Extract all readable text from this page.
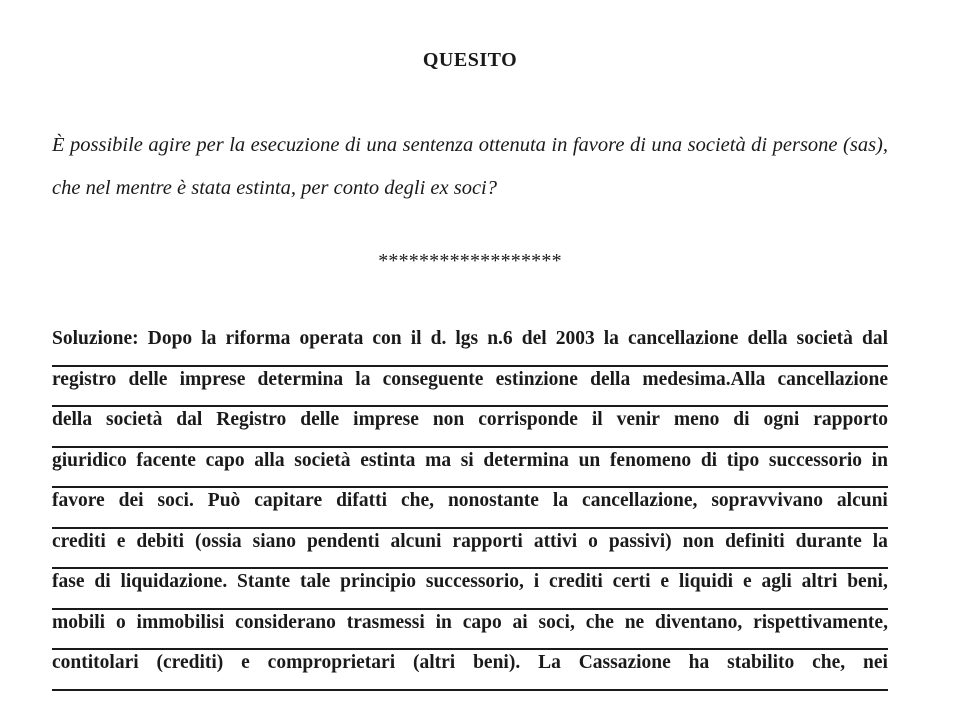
QUESITO
È possibile agire per la esecuzione di una sentenza ottenuta in favore di una società di persone (sas), che nel mentre è stata estinta, per conto degli ex soci?
******************
Soluzione: Dopo la riforma operata con il d. lgs n.6 del 2003 la cancellazione della società dal
registro delle imprese determina la conseguente estinzione della medesima.Alla cancellazione
della società dal Registro delle imprese non corrisponde il venir meno di ogni rapporto
giuridico facente capo alla società estinta ma si determina un fenomeno di tipo successorio in
favore dei soci. Può capitare difatti che, nonostante la cancellazione, sopravvivano alcuni
crediti e debiti (ossia siano pendenti alcuni rapporti attivi o passivi) non definiti durante la
fase di liquidazione. Stante tale principio successorio, i crediti certi e liquidi e agli altri beni,
mobili o immobilisi considerano trasmessi in capo ai soci, che ne diventano, rispettivamente,
contitolari (crediti) e comproprietari (altri beni). La Cassazione ha stabilito che, nei
